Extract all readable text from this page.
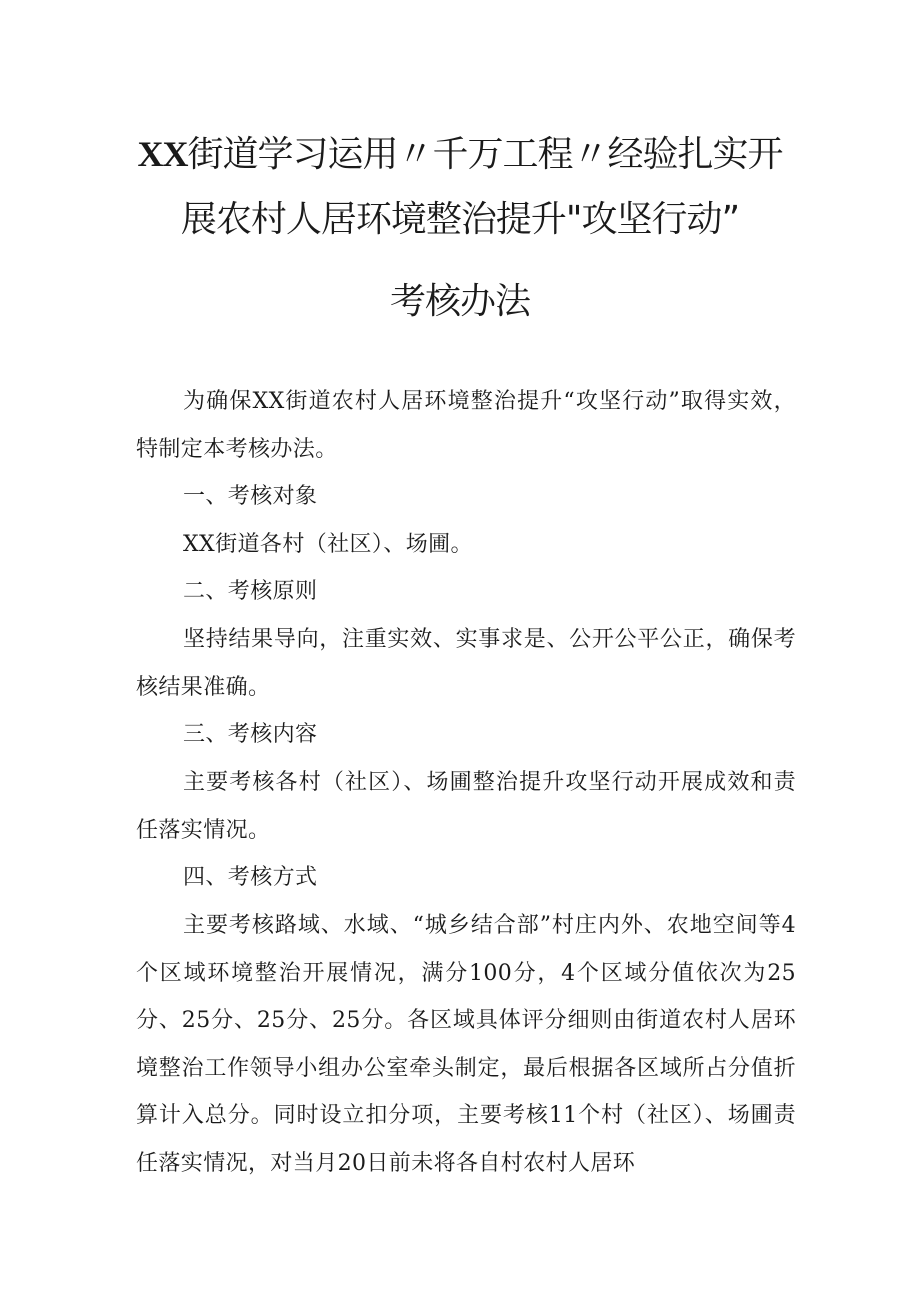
XX街道学习运用〃千万工程〃经验扎实开
展农村人居环境整治提升"攻坚行动”
考核办法
为确保XX街道农村人居环境整治提升“攻坚行动”取得实效，特制定本考核办法。
一、考核对象
XX街道各村（社区）、场圃。
二、考核原则
坚持结果导向，注重实效、实事求是、公开公平公正，确保考核结果准确。
三、考核内容
主要考核各村（社区）、场圃整治提升攻坚行动开展成效和责任落实情况。
四、考核方式
主要考核路域、水域、“城乡结合部”村庄内外、农地空间等4个区域环境整治开展情况，满分100分，4个区域分值依次为25分、25分、25分、25分。各区域具体评分细则由街道农村人居环境整治工作领导小组办公室牵头制定，最后根据各区域所占分值折算计入总分。同时设立扣分项，主要考核11个村（社区）、场圃责任落实情况，对当月20日前未将各自村农村人居环
